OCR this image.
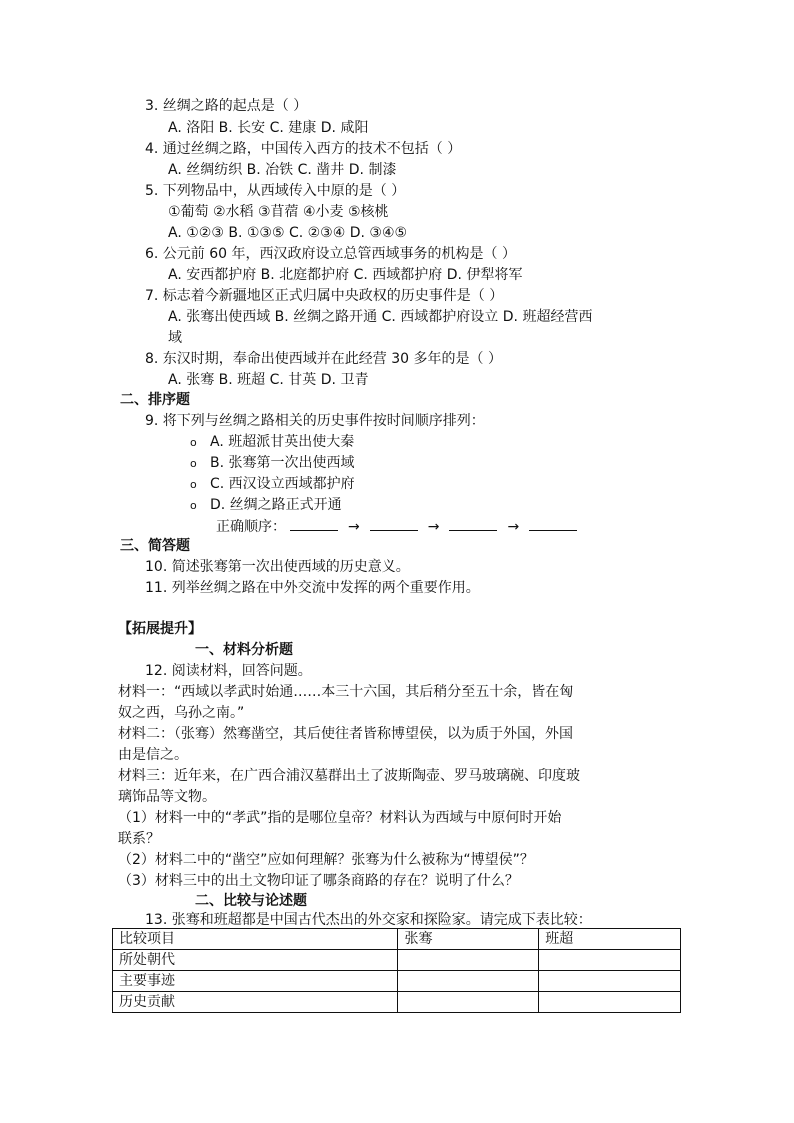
3. 丝绸之路的起点是（ ）
A. 洛阳 B. 长安 C. 建康 D. 咸阳
4. 通过丝绸之路，中国传入西方的技术不包括（ ）
A. 丝绸纺织 B. 冶铁 C. 凿井 D. 制漆
5. 下列物品中，从西域传入中原的是（ ）
①葡萄 ②水稻 ③苜蓿 ④小麦 ⑤核桃
A. ①②③ B. ①③⑤ C. ②③④ D. ③④⑤
6. 公元前 60 年，西汉政府设立总管西域事务的机构是（ ）
A. 安西都护府 B. 北庭都护府 C. 西域都护府 D. 伊犁将军
7. 标志着今新疆地区正式归属中央政权的历史事件是（ ）
A. 张骞出使西域 B. 丝绸之路开通 C. 西域都护府设立 D. 班超经营西
域
8. 东汉时期，奉命出使西域并在此经营 30 多年的是（ ）
A. 张骞 B. 班超 C. 甘英 D. 卫青
二、排序题
9. 将下列与丝绸之路相关的历史事件按时间顺序排列：
o A. 班超派甘英出使大秦
o B. 张骞第一次出使西域
o C. 西汉设立西域都护府
o D. 丝绸之路正式开通
正确顺序：	→	→	→
三、简答题
10. 简述张骞第一次出使西域的历史意义。
11. 列举丝绸之路在中外交流中发挥的两个重要作用。
【拓展提升】
一、材料分析题
12. 阅读材料，回答问题。
材料一：“西域以孝武时始通……本三十六国，其后稍分至五十余，皆在匈
奴之西，乌孙之南。”
材料二：（张骞）然骞凿空，其后使往者皆称博望侯，以为质于外国，外国
由是信之。
材料三：近年来，在广西合浦汉墓群出土了波斯陶壶、罗马玻璃碗、印度玻
璃饰品等文物。
（1）材料一中的“孝武”指的是哪位皇帝？材料认为西域与中原何时开始
联系？
（2）材料二中的“凿空”应如何理解？张骞为什么被称为“博望侯”？
（3）材料三中的出土文物印证了哪条商路的存在？说明了什么？
二、比较与论述题
13. 张骞和班超都是中国古代杰出的外交家和探险家。请完成下表比较：
比较项目	张骞	班超
所处朝代		
主要事迹		
历史贡献		
